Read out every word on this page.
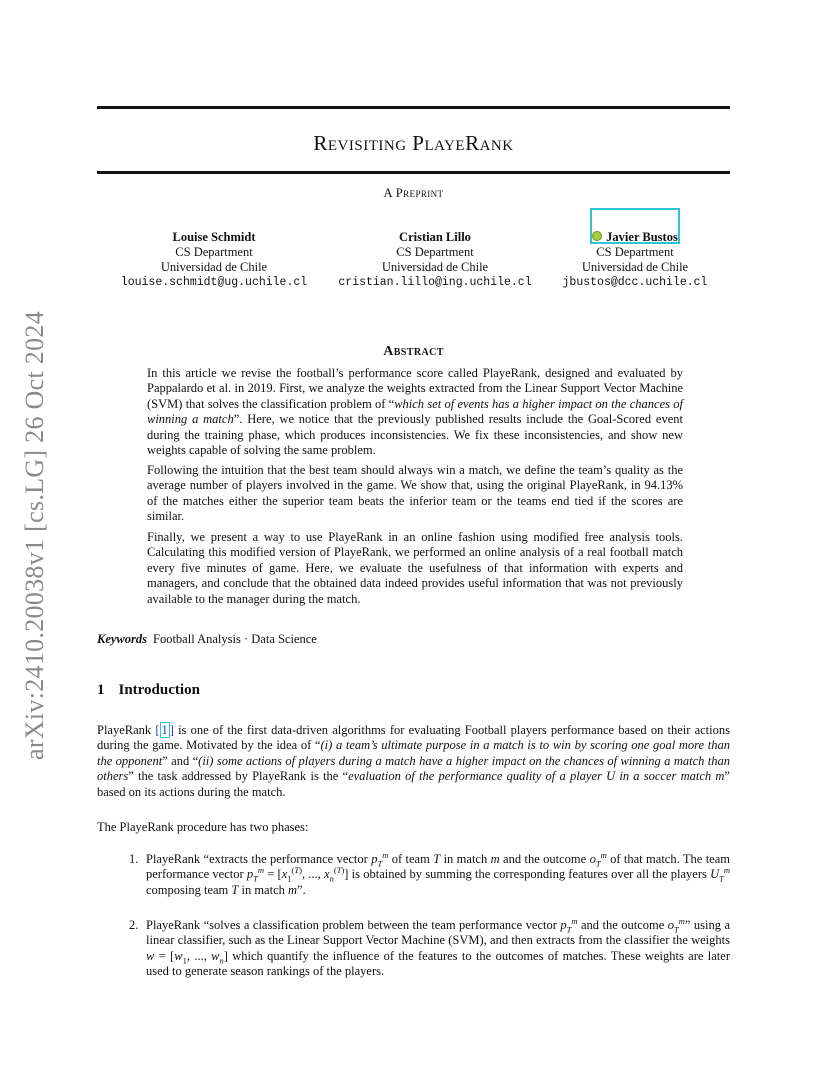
arXiv:2410.20038v1 [cs.LG] 26 Oct 2024
Revisiting PlayeRank
A Preprint
Louise Schmidt
CS Department
Universidad de Chile
louise.schmidt@ug.uchile.cl
Cristian Lillo
CS Department
Universidad de Chile
cristian.lillo@ing.uchile.cl
Javier Bustos
CS Department
Universidad de Chile
jbustos@dcc.uchile.cl
Abstract

In this article we revise the football’s performance score called PlayeRank, designed and evaluated by Pappalardo et al. in 2019. First, we analyze the weights extracted from the Linear Support Vector Machine (SVM) that solves the classification problem of “which set of events has a higher impact on the chances of winning a match”. Here, we notice that the previously published results include the Goal-Scored event during the training phase, which produces inconsistencies. We fix these inconsistencies, and show new weights capable of solving the same problem.

Following the intuition that the best team should always win a match, we define the team’s quality as the average number of players involved in the game. We show that, using the original PlayeRank, in 94.13% of the matches either the superior team beats the inferior team or the teams end tied if the scores are similar.

Finally, we present a way to use PlayeRank in an online fashion using modified free analysis tools. Calculating this modified version of PlayeRank, we performed an online analysis of a real football match every five minutes of game. Here, we evaluate the usefulness of that information with experts and managers, and conclude that the obtained data indeed provides useful information that was not previously available to the manager during the match.

Keywords Football Analysis · Data Science
1 Introduction

PlayeRank [ 1 ] is one of the first data-driven algorithms for evaluating Football players performance based on their actions during the game. Motivated by the idea of “(i) a team’s ultimate purpose in a match is to win by scoring one goal more than the opponent” and “(ii) some actions of players during a match have a higher impact on the chances of winning a match than others” the task addressed by PlayeRank is the “evaluation of the performance quality of a player U in a soccer match m” based on its actions during the match.

The PlayeRank procedure has two phases:

1. PlayeRank “extracts the performance vector $p_T^m$ of team T in match m and the outcome $o_T^m$ of that match. The team performance vector $p_T^m = [x_1^{(T)}$, ..., $x_n^{(T)}$] is obtained by summing the corresponding features over all the players $U_T^m$ composing team T in match m”.
2. PlayeRank “solves a classification problem between the team performance vector $p_T^m$ and the outcome $o_T^m$” using a linear classifier, such as the Linear Support Vector Machine (SVM), and then extracts from the classifier the weights $w = [w_1$, ..., $w_n$] which quantify the influence of the features to the outcomes of matches. These weights are later used to generate season rankings of the players.
